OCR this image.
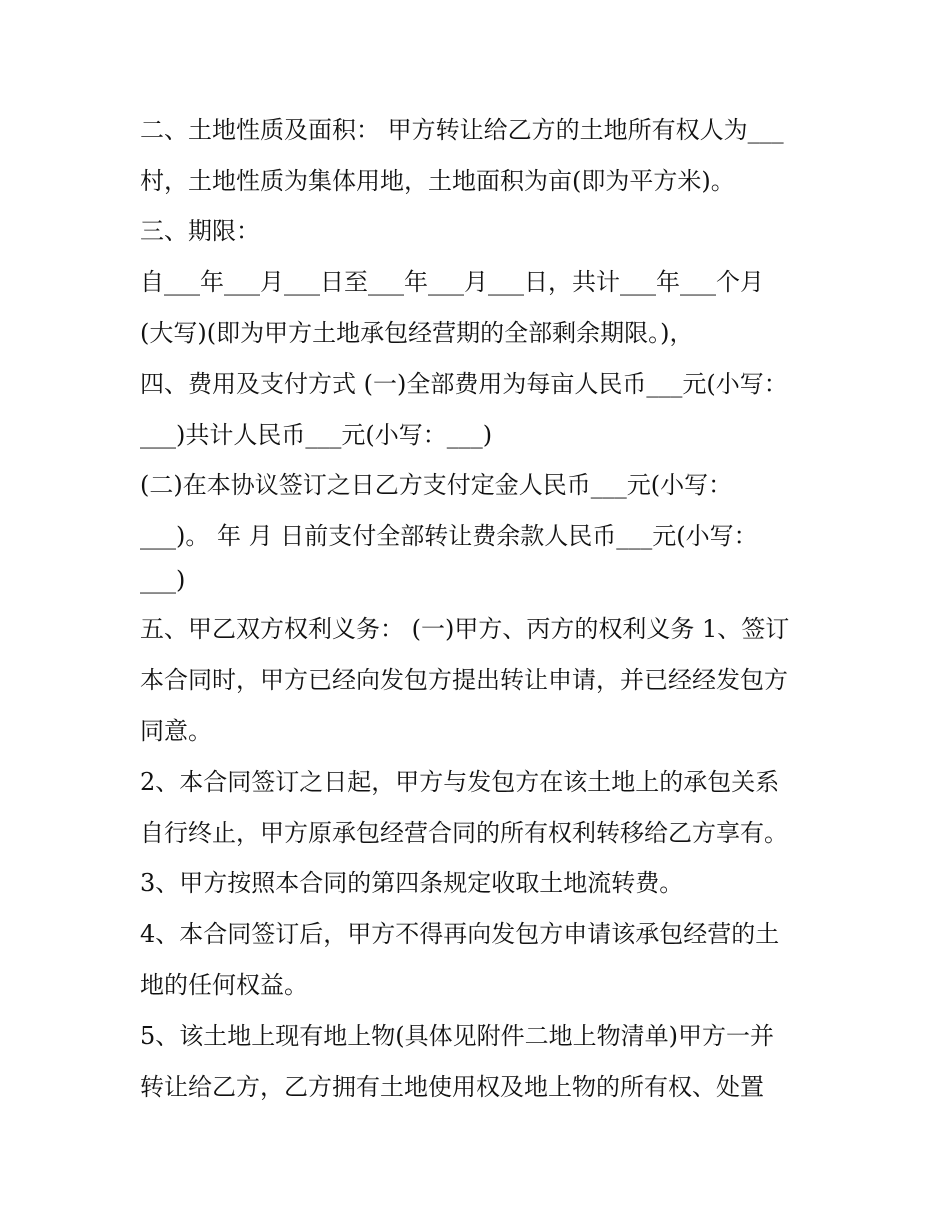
二、土地性质及面积： 甲方转让给乙方的土地所有权人为___
村，土地性质为集体用地，土地面积为亩(即为平方米)。
三、期限：
自___年___月___日至___年___月___日，共计___年___个月
(大写)(即为甲方土地承包经营期的全部剩余期限。)，
四、费用及支付方式 (一)全部费用为每亩人民币___元(小写：
___)共计人民币___元(小写：___)
(二)在本协议签订之日乙方支付定金人民币___元(小写：
___)。 年 月 日前支付全部转让费余款人民币___元(小写：
___)
五、甲乙双方权利义务： (一)甲方、丙方的权利义务 1、签订
本合同时，甲方已经向发包方提出转让申请，并已经经发包方
同意。
2、本合同签订之日起，甲方与发包方在该土地上的承包关系
自行终止，甲方原承包经营合同的所有权利转移给乙方享有。
3、甲方按照本合同的第四条规定收取土地流转费。
4、本合同签订后，甲方不得再向发包方申请该承包经营的土
地的任何权益。
5、该土地上现有地上物(具体见附件二地上物清单)甲方一并
转让给乙方，乙方拥有土地使用权及地上物的所有权、处置
